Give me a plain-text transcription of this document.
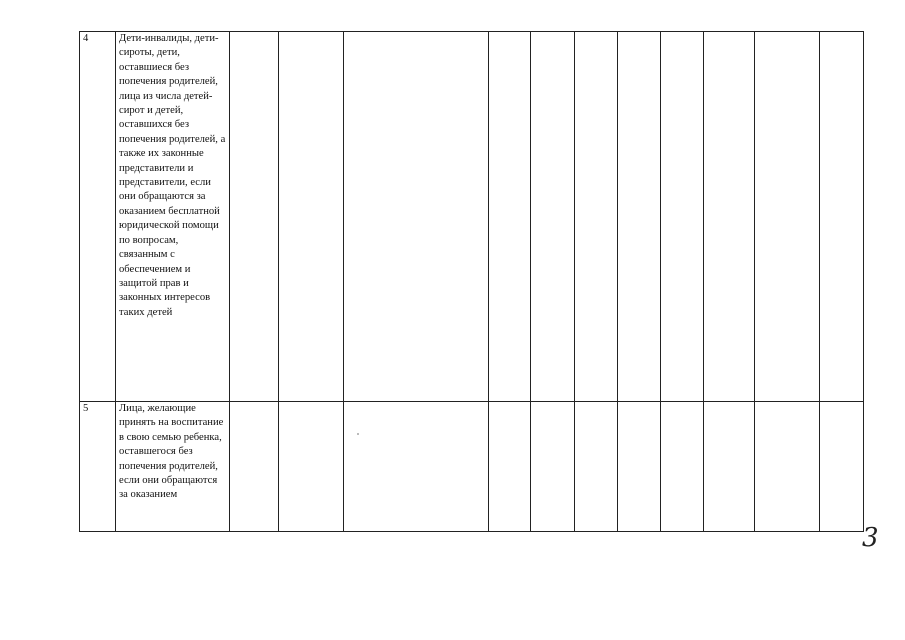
4	Дети-инвалиды, дети-сироты, дети, оставшиеся без попечения родителей, лица из числа детей-сирот и детей, оставшихся без попечения родителей, а также их законные представители и представители, если они обращаются за оказанием бесплатной юридической помощи по вопросам, связанным с обеспечением и защитой прав и законных интересов таких детей											
5	Лица, желающие принять на воспитание в свою семью ребенка, оставшегося без попечения родителей, если они обращаются за оказанием											
3
